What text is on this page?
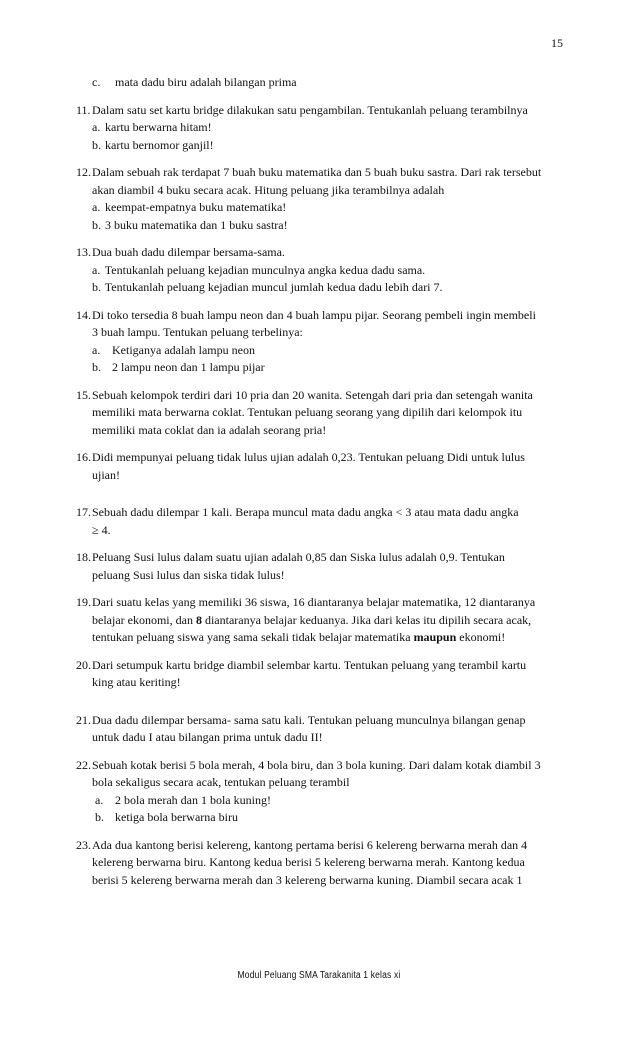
15
c. mata dadu biru adalah bilangan prima
11. Dalam satu set kartu bridge dilakukan satu pengambilan. Tentukanlah peluang terambilnya
a. kartu berwarna hitam!
b. kartu bernomor ganjil!
12. Dalam sebuah rak terdapat 7 buah buku matematika dan 5 buah buku sastra. Dari rak tersebut
akan diambil 4 buku secara acak. Hitung peluang jika terambilnya adalah
a. keempat-empatnya buku matematika!
b. 3 buku matematika dan 1 buku sastra!
13. Dua buah dadu dilempar bersama-sama.
a. Tentukanlah peluang kejadian munculnya angka kedua dadu sama.
b. Tentukanlah peluang kejadian muncul jumlah kedua dadu lebih dari 7.
14. Di toko tersedia 8 buah lampu neon dan 4 buah lampu pijar. Seorang pembeli ingin membeli
3 buah lampu. Tentukan peluang terbelinya:
a. Ketiganya adalah lampu neon
b. 2 lampu neon dan 1 lampu pijar
15. Sebuah kelompok terdiri dari 10 pria dan 20 wanita. Setengah dari pria dan setengah wanita
memiliki mata berwarna coklat. Tentukan peluang seorang yang dipilih dari kelompok itu
memiliki mata coklat dan ia adalah seorang pria!
16. Didi mempunyai peluang tidak lulus ujian adalah 0,23. Tentukan peluang Didi untuk lulus
ujian!
17. Sebuah dadu dilempar 1 kali. Berapa muncul mata dadu angka < 3 atau mata dadu angka
≥ 4.
18. Peluang Susi lulus dalam suatu ujian adalah 0,85 dan Siska lulus adalah 0,9. Tentukan
peluang Susi lulus dan siska tidak lulus!
19. Dari suatu kelas yang memiliki 36 siswa, 16 diantaranya belajar matematika, 12 diantaranya
belajar ekonomi, dan 8 diantaranya belajar keduanya. Jika dari kelas itu dipilih secara acak,
tentukan peluang siswa yang sama sekali tidak belajar matematika maupun ekonomi!
20. Dari setumpuk kartu bridge diambil selembar kartu. Tentukan peluang yang terambil kartu
king atau keriting!
21. Dua dadu dilempar bersama- sama satu kali. Tentukan peluang munculnya bilangan genap
untuk dadu I atau bilangan prima untuk dadu II!
22. Sebuah kotak berisi 5 bola merah, 4 bola biru, dan 3 bola kuning. Dari dalam kotak diambil 3
bola sekaligus secara acak, tentukan peluang terambil
a. 2 bola merah dan 1 bola kuning!
b. ketiga bola berwarna biru
23. Ada dua kantong berisi kelereng, kantong pertama berisi 6 kelereng berwarna merah dan 4
kelereng berwarna biru. Kantong kedua berisi 5 kelereng berwarna merah. Kantong kedua
berisi 5 kelereng berwarna merah dan 3 kelereng berwarna kuning. Diambil secara acak 1
Modul Peluang SMA Tarakanita 1 kelas xi
